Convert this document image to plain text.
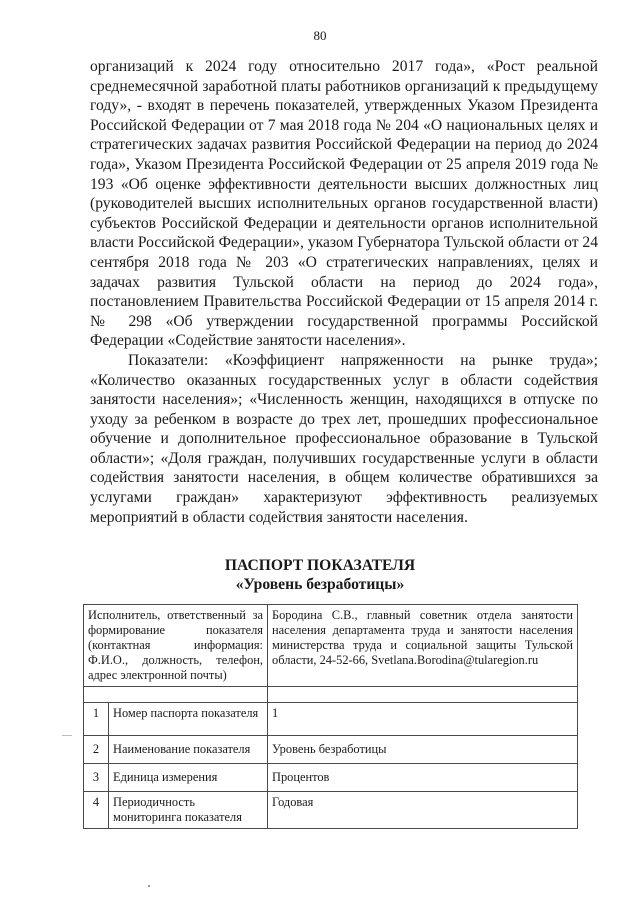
80

организаций к 2024 году относительно 2017 года», «Рост реальной среднемесячной заработной платы работников организаций к предыдущему году», - входят в перечень показателей, утвержденных Указом Президента Российской Федерации от 7 мая 2018 года № 204 «О национальных целях и стратегических задачах развития Российской Федерации на период до 2024 года», Указом Президента Российской Федерации от 25 апреля 2019 года № 193 «Об оценке эффективности деятельности высших должностных лиц (руководителей высших исполнительных органов государственной власти) субъектов Российской Федерации и деятельности органов исполнительной власти Российской Федерации», указом Губернатора Тульской области от 24 сентября 2018 года № 203 «О стратегических направлениях, целях и задачах развития Тульской области на период до 2024 года», постановлением Правительства Российской Федерации от 15 апреля 2014 г. № 298 «Об утверждении государственной программы Российской Федерации «Содействие занятости населения».

Показатели: «Коэффициент напряженности на рынке труда»; «Количество оказанных государственных услуг в области содействия занятости населения»; «Численность женщин, находящихся в отпуске по уходу за ребенком в возрасте до трех лет, прошедших профессиональное обучение и дополнительное профессиональное образование в Тульской области»; «Доля граждан, получивших государственные услуги в области содействия занятости населения, в общем количестве обратившихся за услугами граждан» характеризуют эффективность реализуемых мероприятий в области содействия занятости населения.

ПАСПОРТ ПОКАЗАТЕЛЯ
«Уровень безработицы»
Исполнитель, ответственный за формирование показателя (контактная информация: Ф.И.О., должность, телефон, адрес электронной почты)		Бородина С.В., главный советник отдела занятости населения департамента труда и занятости населения министерства труда и социальной защиты Тульской области, 24-52-66, Svetlana.Borodina@tularegion.ru

1	Номер паспорта показателя	1
2	Наименование показателя	Уровень безработицы
3	Единица измерения	Процентов
4	Периодичность мониторинга показателя	Годовая
